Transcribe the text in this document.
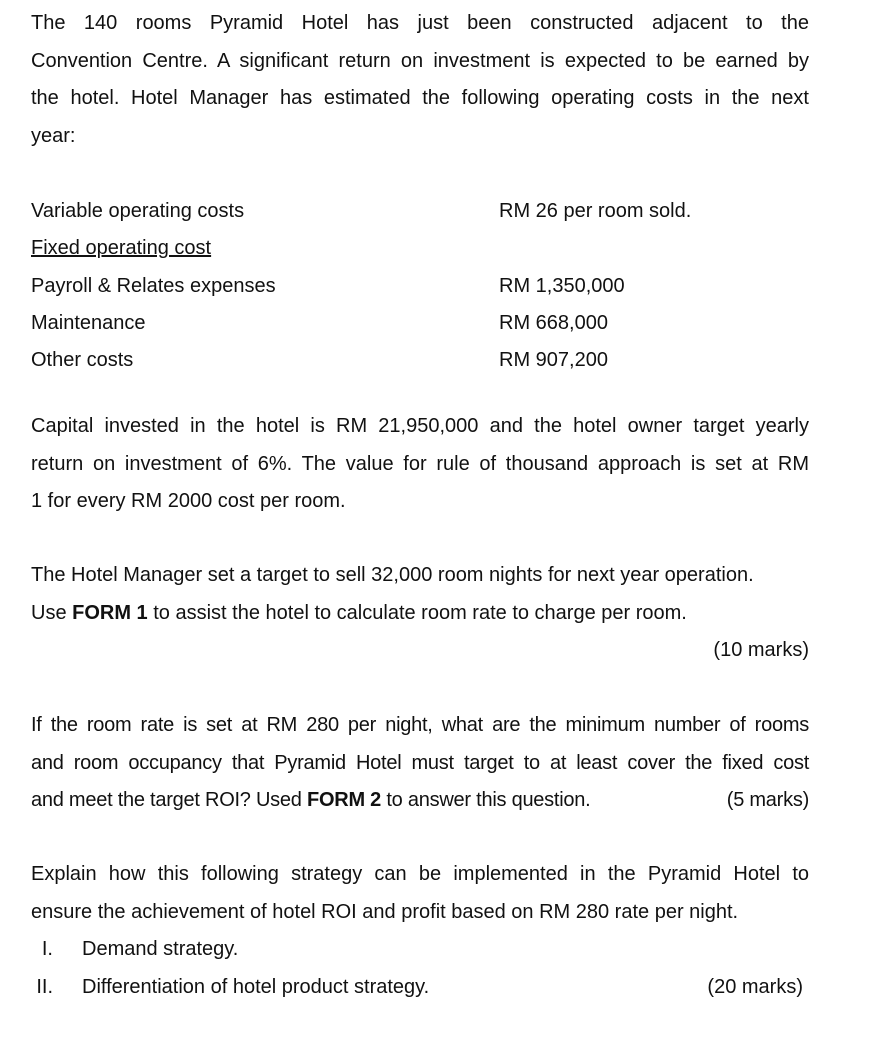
The 140 rooms Pyramid Hotel has just been constructed adjacent to the
Convention Centre. A significant return on investment is expected to be earned by
the hotel. Hotel Manager has estimated the following operating costs in the next
year:
Variable operating costs	RM 26 per room sold.
Fixed operating cost
Payroll & Relates expenses	RM 1,350,000
Maintenance	RM 668,000
Other costs	RM 907,200
Capital invested in the hotel is RM 21,950,000 and the hotel owner target yearly
return on investment of 6%. The value for rule of thousand approach is set at RM
1 for every RM 2000 cost per room.
The Hotel Manager set a target to sell 32,000 room nights for next year operation.
Use FORM 1 to assist the hotel to calculate room rate to charge per room.
(10 marks)
If the room rate is set at RM 280 per night, what are the minimum number of rooms
and room occupancy that Pyramid Hotel must target to at least cover the fixed cost
and meet the target ROI? Used FORM 2 to answer this question.	(5 marks)
Explain how this following strategy can be implemented in the Pyramid Hotel to
ensure the achievement of hotel ROI and profit based on RM 280 rate per night.
I. Demand strategy.
II. Differentiation of hotel product strategy.	(20 marks)
